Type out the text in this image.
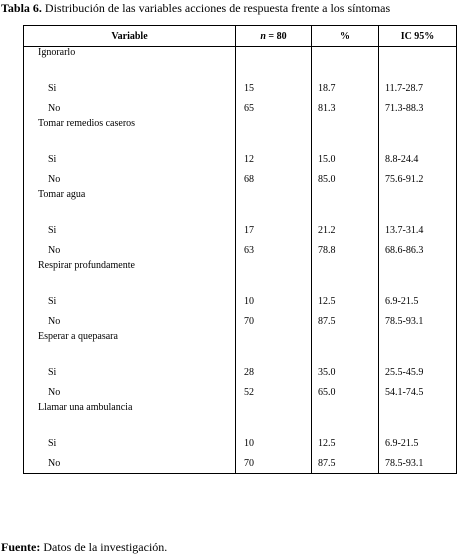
Tabla 6. Distribución de las variables acciones de respuesta frente a los síntomas
Variable	n = 80	%	IC 95%
Ignorarlo			

Si	15	18.7	11.7-28.7
No	65	81.3	71.3-88.3
Tomar remedios caseros			

Si	12	15.0	8.8-24.4
No	68	85.0	75.6-91.2
Tomar agua			

Si	17	21.2	13.7-31.4
No	63	78.8	68.6-86.3
Respirar profundamente			

Si	10	12.5	6.9-21.5
No	70	87.5	78.5-93.1
Esperar a quepasara			

Si	28	35.0	25.5-45.9
No	52	65.0	54.1-74.5
Llamar una ambulancia			

Si	10	12.5	6.9-21.5
No	70	87.5	78.5-93.1
Fuente: Datos de la investigación.
